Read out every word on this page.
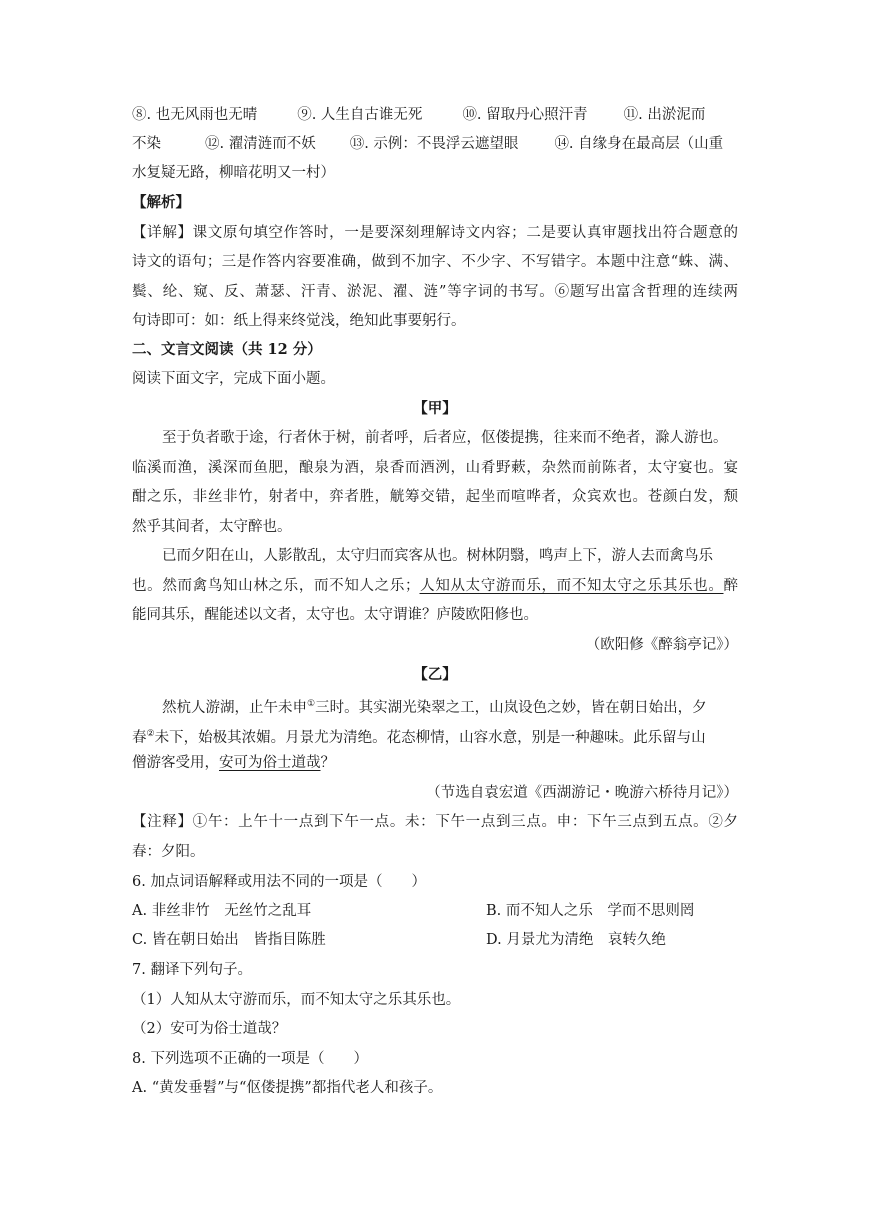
⑧. 也无风雨也无晴	⑨. 人生自古谁无死	⑩. 留取丹心照汗青 ⑪. 出淤泥而
不染	⑫. 濯清涟而不妖 ⑬. 示例：不畏浮云遮望眼 ⑭. 自缘身在最高层（山重
水复疑无路，柳暗花明又一村）
【解析】
【详解】课文原句填空作答时，一是要深刻理解诗文内容；二是要认真审题找出符合题意的
诗文的语句；三是作答内容要准确，做到不加字、不少字、不写错字。本题中注意“蛛、满、
鬓、纶、窥、反、萧瑟、汗青、淤泥、濯、涟”等字词的书写。⑥题写出富含哲理的连续两
句诗即可：如：纸上得来终觉浅，绝知此事要躬行。
二、文言文阅读（共 12 分）
阅读下面文字，完成下面小题。
【甲】
至于负者歌于途，行者休于树，前者呼，后者应，伛偻提携，往来而不绝者，滁人游也。
临溪而渔，溪深而鱼肥，酿泉为酒，泉香而酒洌，山肴野蔌，杂然而前陈者，太守宴也。宴
酣之乐，非丝非竹，射者中，弈者胜，觥筹交错，起坐而喧哗者，众宾欢也。苍颜白发，颓
然乎其间者，太守醉也。
已而夕阳在山，人影散乱，太守归而宾客从也。树林阴翳，鸣声上下，游人去而禽鸟乐
也。然而禽鸟知山林之乐，而不知人之乐；人知从太守游而乐，而不知太守之乐其乐也。醉
能同其乐，醒能述以文者，太守也。太守谓谁？庐陵欧阳修也。
（欧阳修《醉翁亭记》）
【乙】
然杭人游湖，止午未申①三时。其实湖光染翠之工，山岚设色之妙，皆在朝日始出，夕
春②未下，始极其浓媚。月景尤为清绝。花态柳情，山容水意，别是一种趣味。此乐留与山
僧游客受用，安可为俗士道哉？
（节选自袁宏道《西湖游记・晚游六桥待月记》）
【注释】①午：上午十一点到下午一点。未：下午一点到三点。申：下午三点到五点。②夕
春：夕阳。
6. 加点词语解释或用法不同的一项是（　　）
A. 非丝非竹　无丝竹之乱耳	B. 而不知人之乐　学而不思则罔
C. 皆在朝日始出　皆指目陈胜	D. 月景尤为清绝　哀转久绝
7. 翻译下列句子。
（1）人知从太守游而乐，而不知太守之乐其乐也。
（2）安可为俗士道哉？
8. 下列选项不正确的一项是（　　）
A. “黄发垂髫”与“伛偻提携”都指代老人和孩子。
